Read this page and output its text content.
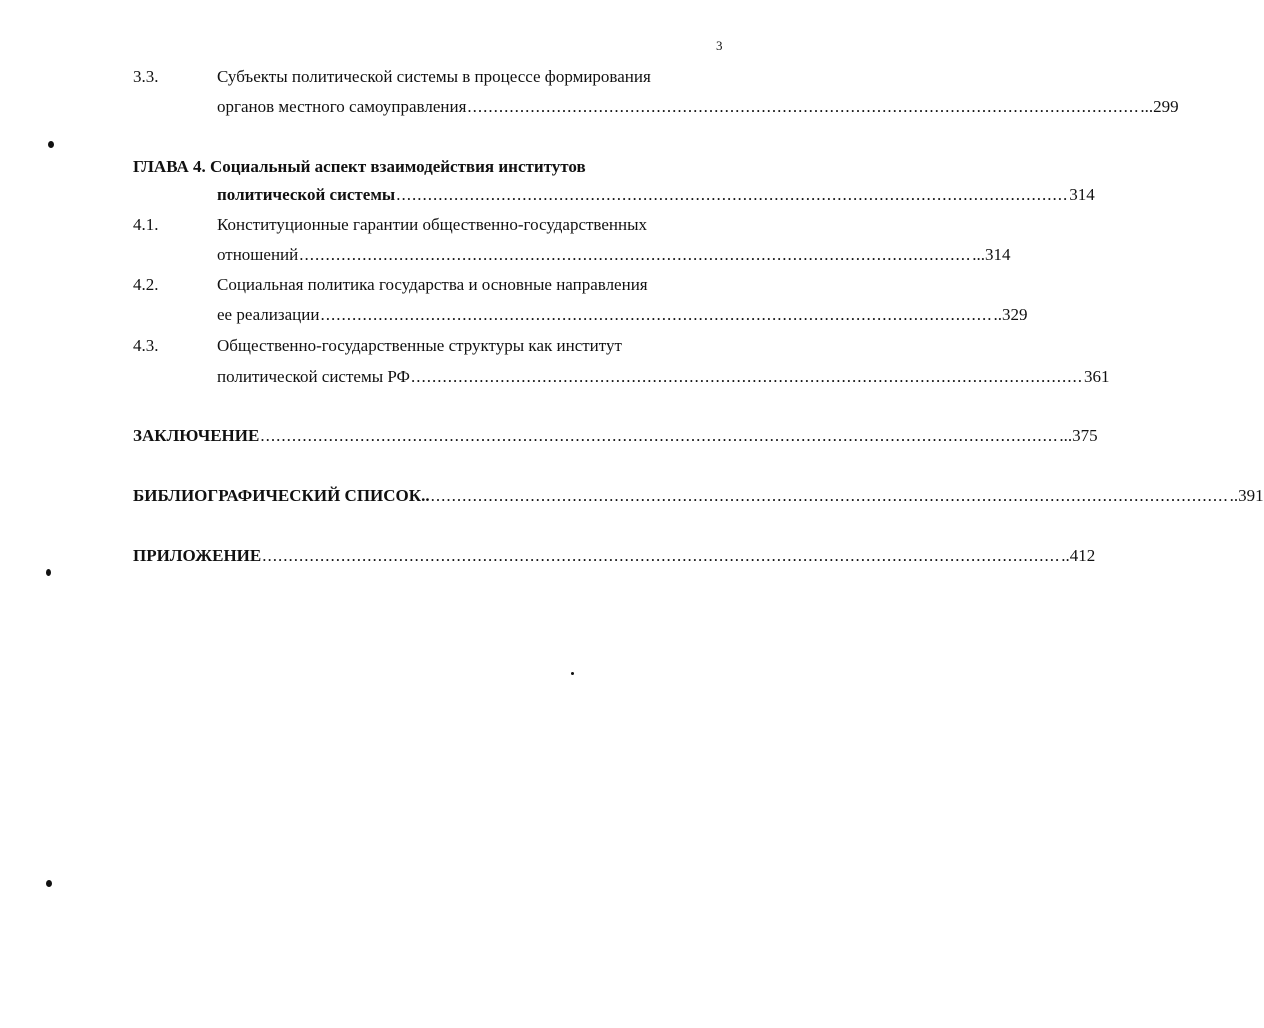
3
3.3.	Субъекты политической системы в процессе формирования
органов местного самоуправления ................................................................................................................................ ...299
ГЛАВА 4. Социальный аспект взаимодействия институтов
политической системы ................................................................................................................................ 314
4.1.	Конституционные гарантии общественно-государственных
отношений ................................................................................................................................ ...314
4.2.	Социальная политика государства и основные направления
ее реализации ................................................................................................................................ ..329
4.3.	Общественно-государственные структуры как институт
политической системы РФ ................................................................................................................................ 361
ЗАКЛЮЧЕНИЕ ........................................................................................................................................................ ...375
БИБЛИОГРАФИЧЕСКИЙ СПИСОК.. ........................................................................................................................................................ ..391
ПРИЛОЖЕНИЕ ........................................................................................................................................................ ..412
